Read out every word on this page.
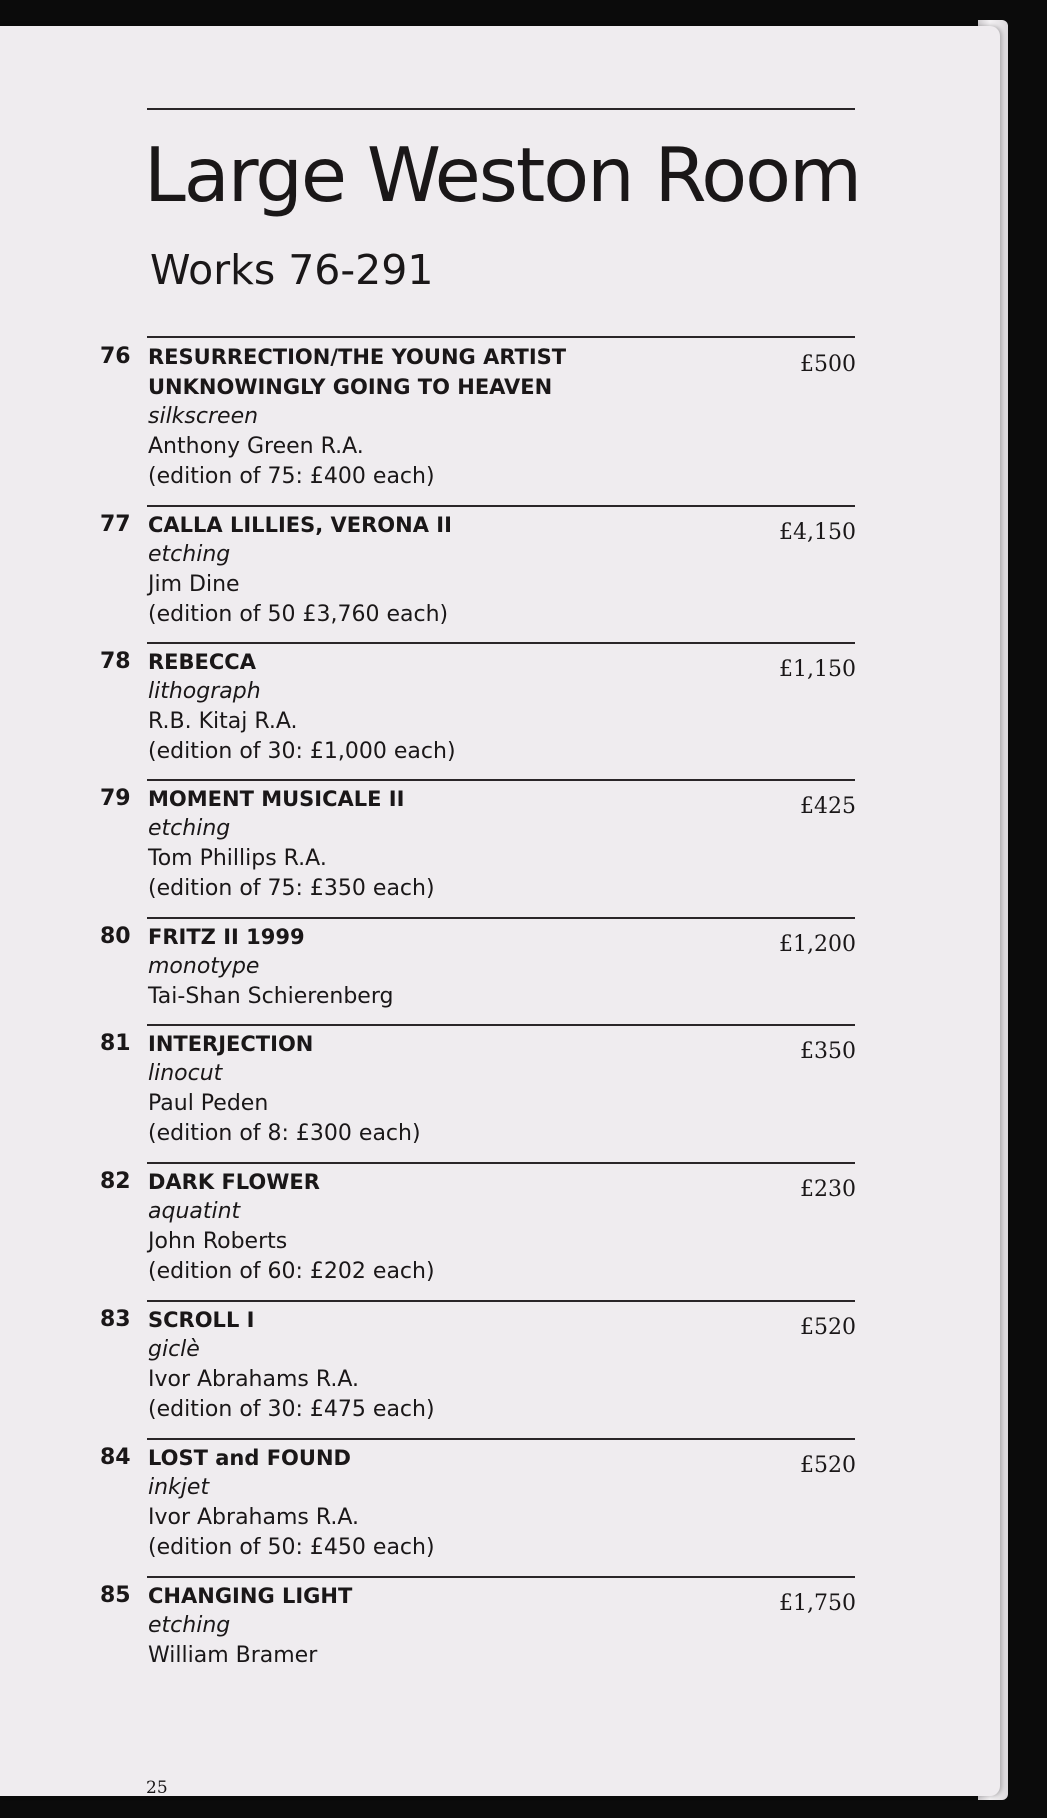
Large Weston Room
Works 76-291
76 RESURRECTION/THE YOUNG ARTIST UNKNOWINGLY GOING TO HEAVEN
silkscreen
Anthony Green R.A.
(edition of 75: £400 each)
£500
77 CALLA LILLIES, VERONA II
etching
Jim Dine
(edition of 50 £3,760 each)
£4,150
78 REBECCA
lithograph
R.B. Kitaj R.A.
(edition of 30: £1,000 each)
£1,150
79 MOMENT MUSICALE II
etching
Tom Phillips R.A.
(edition of 75: £350 each)
£425
80 FRITZ II 1999
monotype
Tai-Shan Schierenberg
£1,200
81 INTERJECTION
linocut
Paul Peden
(edition of 8: £300 each)
£350
82 DARK FLOWER
aquatint
John Roberts
(edition of 60: £202 each)
£230
83 SCROLL I
giclè
Ivor Abrahams R.A.
(edition of 30: £475 each)
£520
84 LOST and FOUND
inkjet
Ivor Abrahams R.A.
(edition of 50: £450 each)
£520
85 CHANGING LIGHT
etching
William Bramer
£1,750
25
